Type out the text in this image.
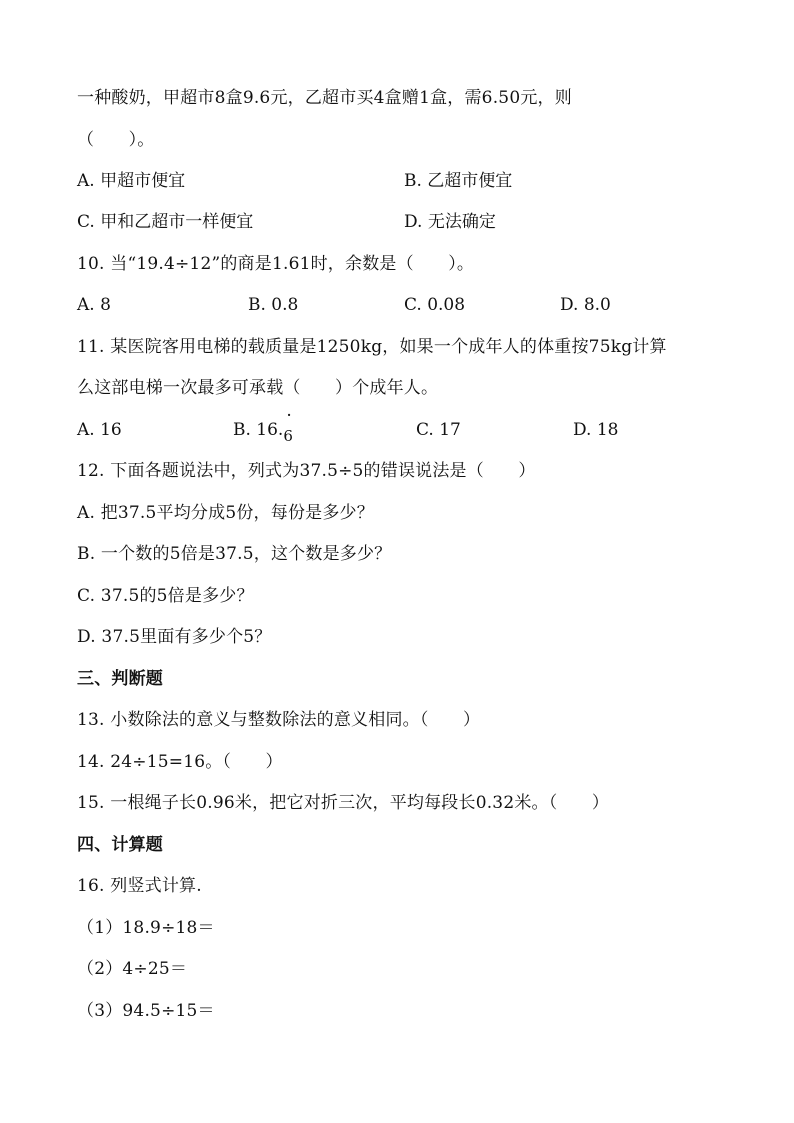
一种酸奶，甲超市8盒9.6元，乙超市买4盒赠1盒，需6.50元，则
（　　）。
A. 甲超市便宜	B. 乙超市便宜
C. 甲和乙超市一样便宜	D. 无法确定
10. 当“19.4÷12”的商是1.61时，余数是（　　）。
A. 8	B. 0.8	C. 0.08	D. 8.0
11. 某医院客用电梯的载质量是1250kg，如果一个成年人的体重按75kg计算
么这部电梯一次最多可承载（　　）个成年人。
A. 16	B. 16.
·
6	C. 17	D. 18
12. 下面各题说法中，列式为37.5÷5的错误说法是（　　）
A. 把37.5平均分成5份，每份是多少？
B. 一个数的5倍是37.5，这个数是多少？
C. 37.5的5倍是多少？
D. 37.5里面有多少个5？
三、判断题
13. 小数除法的意义与整数除法的意义相同。（　　）
14. 24÷15=16。（　　）
15. 一根绳子长0.96米，把它对折三次，平均每段长0.32米。（　　）
四、计算题
16. 列竖式计算.
（1）18.9÷18＝
（2）4÷25＝
（3）94.5÷15＝
